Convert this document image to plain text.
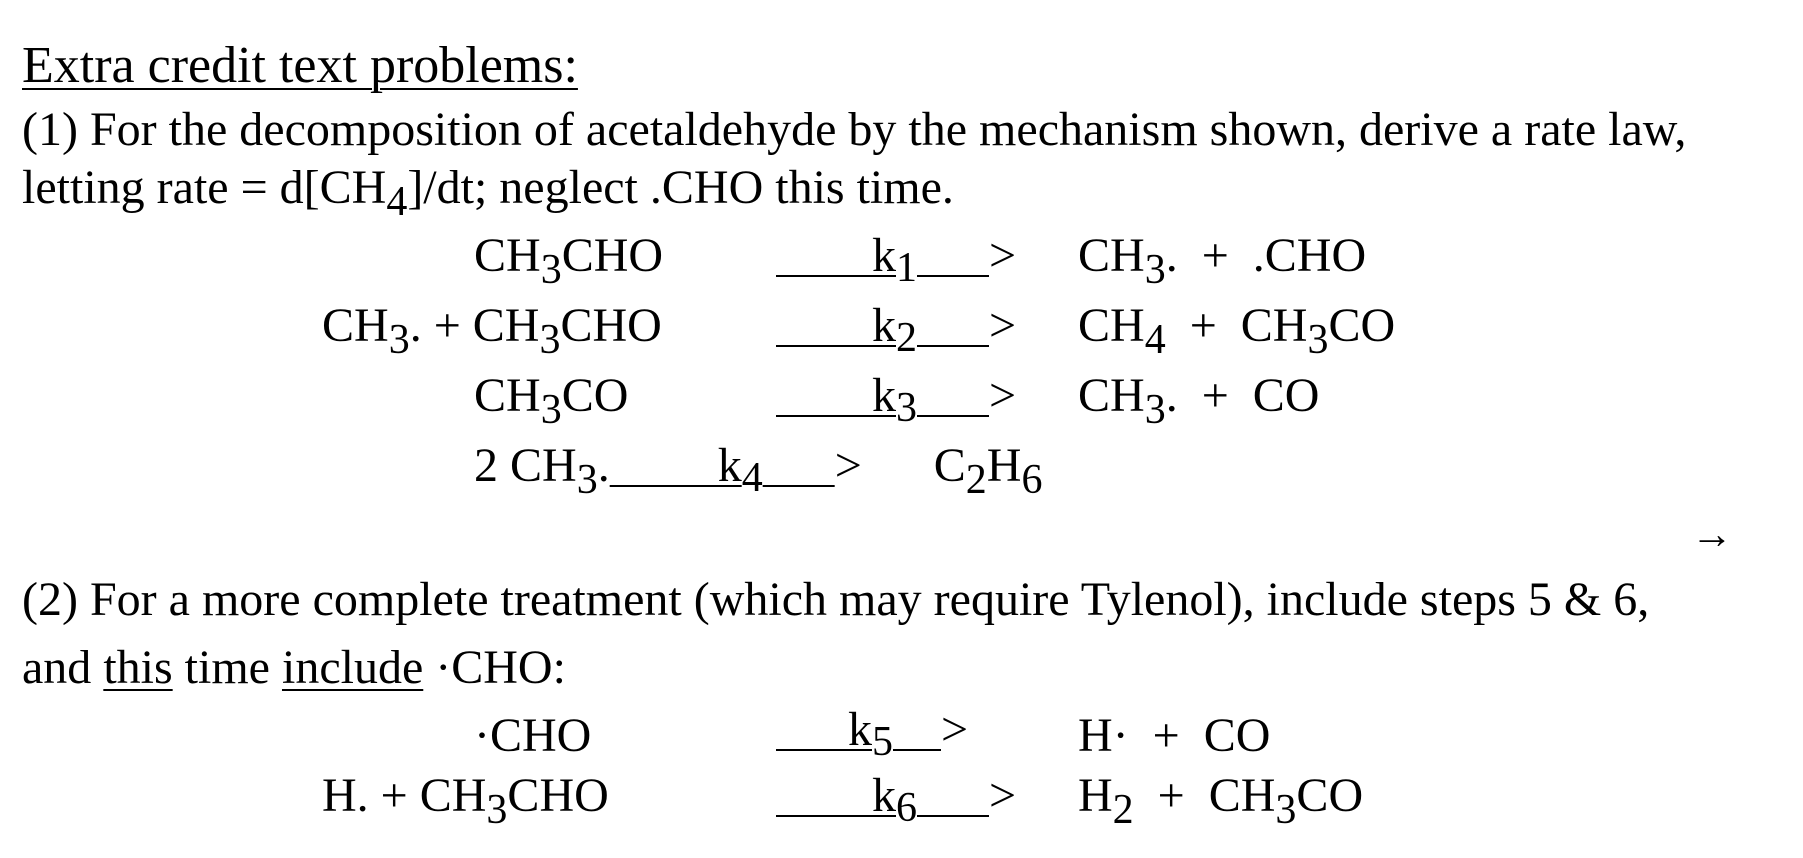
Extra credit text problems:
(1) For the decomposition of acetaldehyde by the mechanism shown, derive a rate law,
letting rate = d[CH4]/dt; neglect .CHO this time.
CH3CHO ​        k1 > CH3.  +  .CHO
CH3. + CH3CHO	k2 > CH4  +  CH3CO
CH3CO	k3 > CH3.  +  CO
2 CH3.         k4 >      C2H6
→
(2) For a more complete treatment (which may require Tylenol), include steps 5 & 6,
and this time include ·CHO:
·CHO	k5 > H·  +  CO
H. + CH3CHO	k6 > H2  +  CH3CO
